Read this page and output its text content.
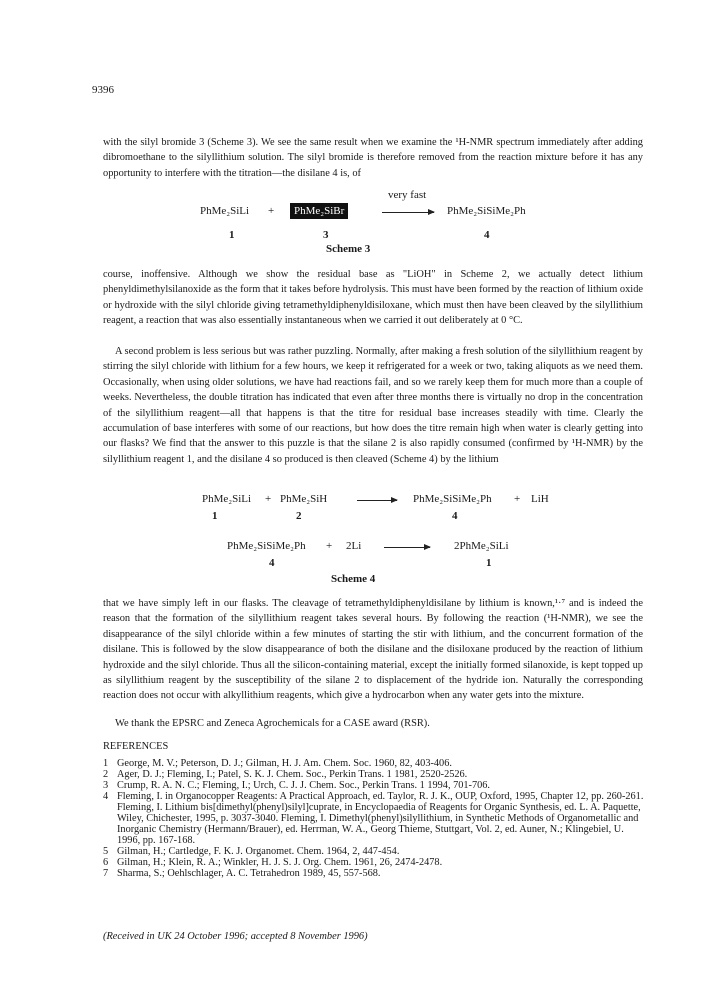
9396

with the silyl bromide 3 (Scheme 3). We see the same result when we examine the ¹H-NMR spectrum immediately after adding dibromoethane to the silyllithium solution. The silyl bromide is therefore removed from the reaction mixture before it has any opportunity to interfere with the titration—the disilane 4 is, of

PhMe₂SiLi +	PhMe₂SiBr
very fast
PhMe₂SiSiMe₂Ph
1	3	4
Scheme 3

course, inoffensive. Although we show the residual base as "LiOH" in Scheme 2, we actually detect lithium phenyldimethylsilanoxide as the form that it takes before hydrolysis. This must have been formed by the reaction of lithium oxide or hydroxide with the silyl chloride giving tetramethyldiphenyldisiloxane, which must then have been cleaved by the silyllithium reagent, a reaction that was also essentially instantaneous when we carried it out deliberately at 0 °C.

A second problem is less serious but was rather puzzling. Normally, after making a fresh solution of the silyllithium reagent by stirring the silyl chloride with lithium for a few hours, we keep it refrigerated for a week or two, taking aliquots as we need them. Occasionally, when using older solutions, we have had reactions fail, and so we rarely keep them for much more than a couple of weeks. Nevertheless, the double titration has indicated that even after three months there is virtually no drop in the concentration of the silyllithium reagent—all that happens is that the titre for residual base increases steadily with time. Clearly the accumulation of base interferes with some of our reactions, but how does the titre remain high when water is clearly getting into our flasks? We find that the answer to this puzzle is that the silane 2 is also rapidly consumed (confirmed by ¹H-NMR) by the silyllithium reagent 1, and the disilane 4 so produced is then cleaved (Scheme 4) by the lithium

PhMe₂SiLi + PhMe₂SiH	PhMe₂SiSiMe₂Ph + LiH
1	2	4
PhMe₂SiSiMe₂Ph + 2Li	2PhMe₂SiLi
4	1
Scheme 4

that we have simply left in our flasks. The cleavage of tetramethyldiphenyldisilane by lithium is known,¹·⁷ and is indeed the reason that the formation of the silyllithium reagent takes several hours. By following the reaction (¹H-NMR), we see the disappearance of the silyl chloride within a few minutes of starting the stir with lithium, and the concurrent formation of the disilane. This is followed by the slow disappearance of both the disilane and the disiloxane produced by the reaction of lithium hydroxide and the silyl chloride. Thus all the silicon-containing material, except the initially formed silanoxide, is kept topped up as silyllithium reagent by the susceptibility of the silane 2 to displacement of the hydride ion. Naturally the corresponding reaction does not occur with alkyllithium reagents, which give a hydrocarbon when any water gets into the mixture.

We thank the EPSRC and Zeneca Agrochemicals for a CASE award (RSR).

REFERENCES
1 George, M. V.; Peterson, D. J.; Gilman, H. J. Am. Chem. Soc. 1960, 82, 403-406.
2 Ager, D. J.; Fleming, I.; Patel, S. K. J. Chem. Soc., Perkin Trans. 1 1981, 2520-2526.
3 Crump, R. A. N. C.; Fleming, I.; Urch, C. J. J. Chem. Soc., Perkin Trans. 1 1994, 701-706.
4 Fleming, I. in Organocopper Reagents: A Practical Approach, ed. Taylor, R. J. K., OUP, Oxford, 1995, Chapter 12, pp. 260-261. Fleming, I. Lithium bis[dimethyl(phenyl)silyl]cuprate, in Encyclopaedia of Reagents for Organic Synthesis, ed. L. A. Paquette, Wiley, Chichester, 1995, p. 3037-3040. Fleming, I. Dimethyl(phenyl)silyllithium, in Synthetic Methods of Organometallic and Inorganic Chemistry (Hermann/Brauer), ed. Herrman, W. A., Georg Thieme, Stuttgart, Vol. 2, ed. Auner, N.; Klingebiel, U. 1996, pp. 167-168.
5 Gilman, H.; Cartledge, F. K. J. Organomet. Chem. 1964, 2, 447-454.
6 Gilman, H.; Klein, R. A.; Winkler, H. J. S. J. Org. Chem. 1961, 26, 2474-2478.
7 Sharma, S.; Oehlschlager, A. C. Tetrahedron 1989, 45, 557-568.
(Received in UK 24 October 1996; accepted 8 November 1996)
